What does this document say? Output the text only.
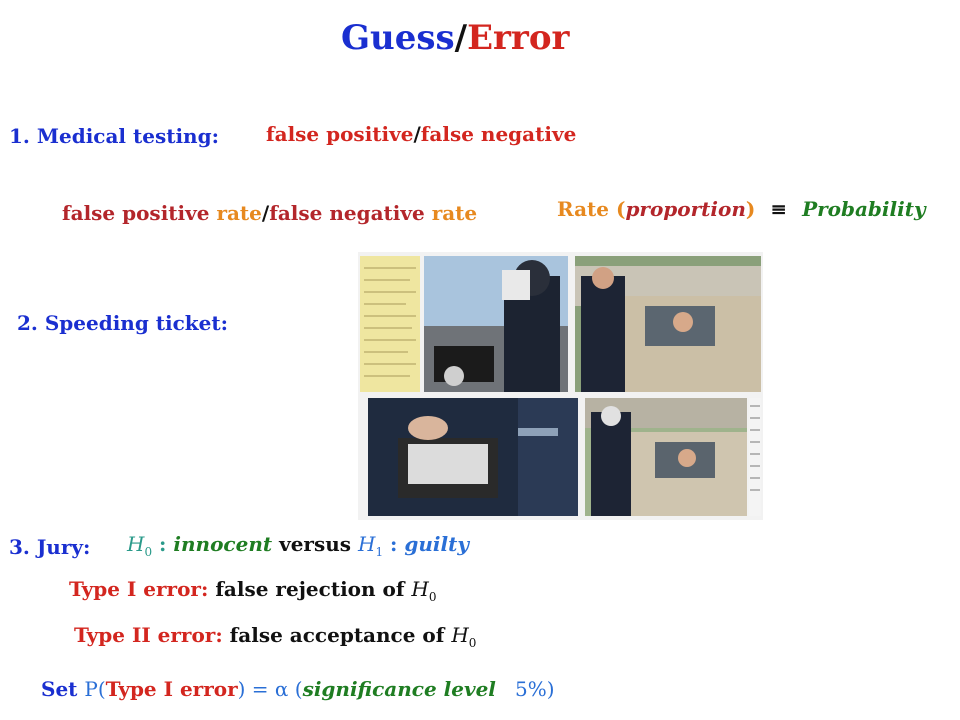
Guess/Error
1. Medical testing: false positive/false negative
false positive rate/false negative rate	Rate (proportion) ≡ Probability
2. Speeding ticket:
3. Jury: $H_0$ : innocent versus $H_1$ : guilty
Type I error: false rejection of $H_0$
Type II error: false acceptance of $H_0$
Set P(Type I error) = α (significance level   5%)
